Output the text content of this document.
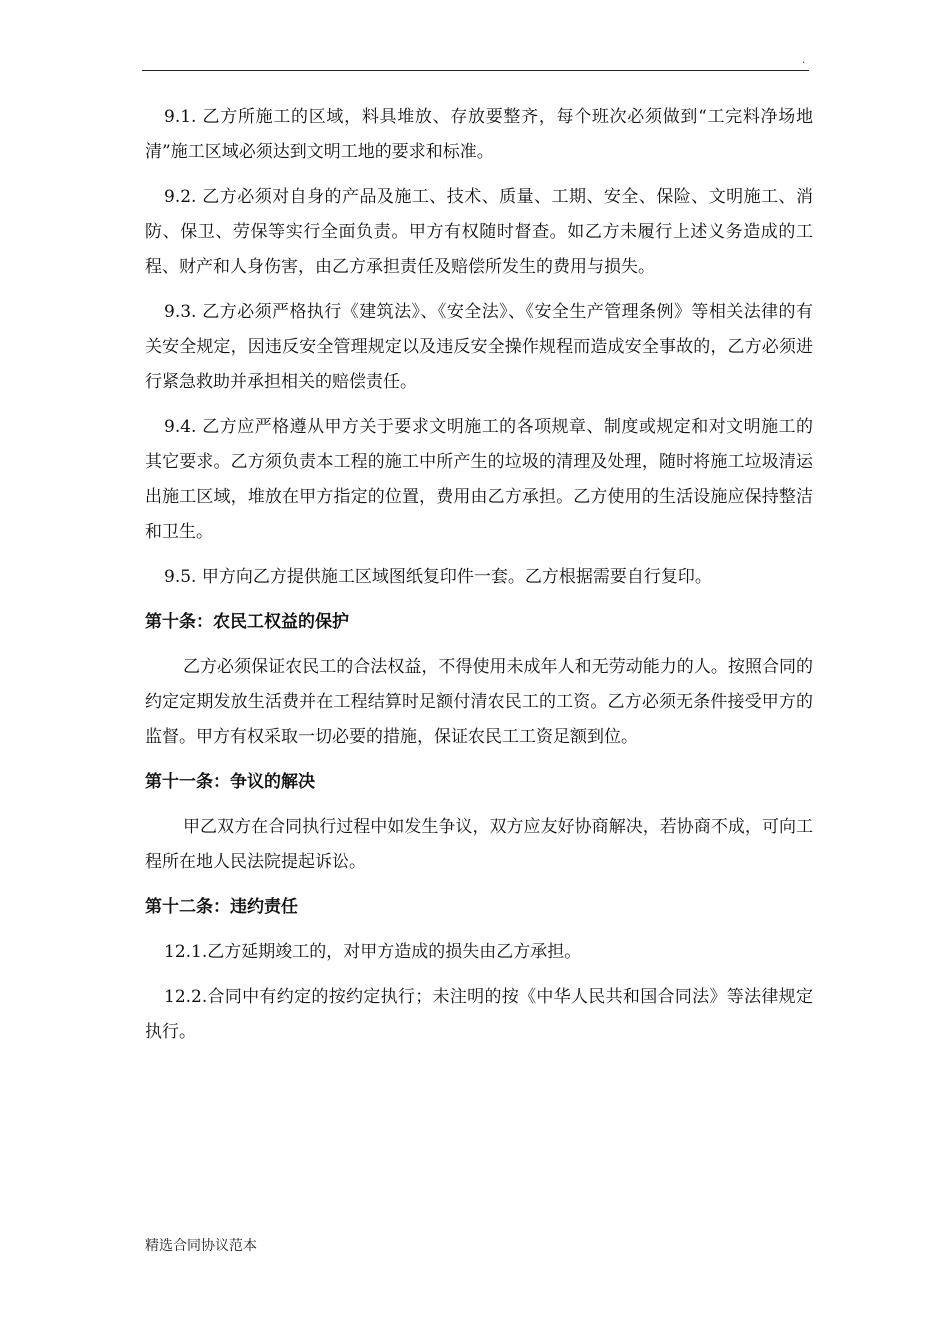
.

9.1. 乙方所施工的区域，料具堆放、存放要整齐，每个班次必须做到“工完料净场地清”施工区域必须达到文明工地的要求和标准。

9.2. 乙方必须对自身的产品及施工、技术、质量、工期、安全、保险、文明施工、消防、保卫、劳保等实行全面负责。甲方有权随时督查。如乙方未履行上述义务造成的工程、财产和人身伤害，由乙方承担责任及赔偿所发生的费用与损失。

9.3. 乙方必须严格执行《建筑法》、《安全法》、《安全生产管理条例》等相关法律的有关安全规定，因违反安全管理规定以及违反安全操作规程而造成安全事故的，乙方必须进行紧急救助并承担相关的赔偿责任。

9.4. 乙方应严格遵从甲方关于要求文明施工的各项规章、制度或规定和对文明施工的其它要求。乙方须负责本工程的施工中所产生的垃圾的清理及处理，随时将施工垃圾清运出施工区域，堆放在甲方指定的位置，费用由乙方承担。乙方使用的生活设施应保持整洁和卫生。

9.5. 甲方向乙方提供施工区域图纸复印件一套。乙方根据需要自行复印。

第十条：农民工权益的保护

乙方必须保证农民工的合法权益，不得使用未成年人和无劳动能力的人。按照合同的约定定期发放生活费并在工程结算时足额付清农民工的工资。乙方必须无条件接受甲方的监督。甲方有权采取一切必要的措施，保证农民工工资足额到位。

第十一条：争议的解决

甲乙双方在合同执行过程中如发生争议，双方应友好协商解决，若协商不成，可向工程所在地人民法院提起诉讼。

第十二条：违约责任

12.1.乙方延期竣工的，对甲方造成的损失由乙方承担。

12.2.合同中有约定的按约定执行；未注明的按《中华人民共和国合同法》等法律规定执行。

精选合同协议范本
